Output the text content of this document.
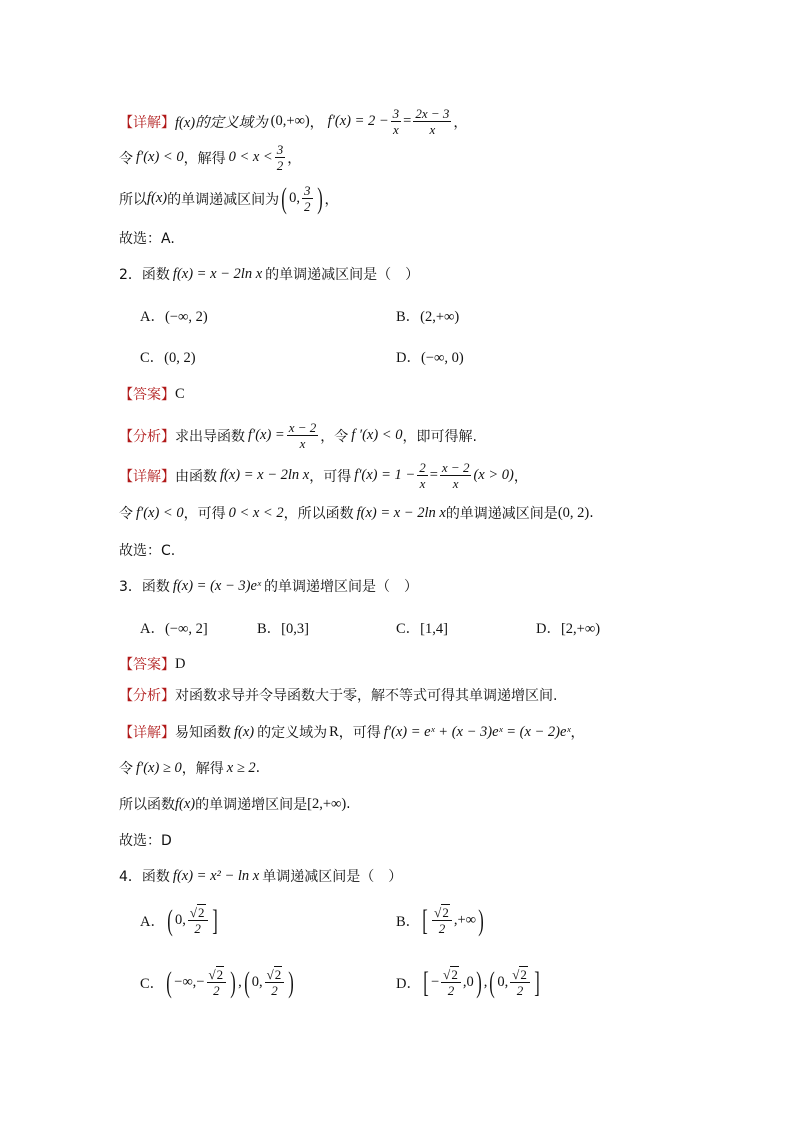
【详解】 f(x)的定义域为 (0,+∞) ， $f'(x) = 2 - \frac{3}{x} = \frac{2x - 3}{x}$ ，
令 f′(x) < 0 ，解得 $0 < x < \frac{3}{2}$ ，
所以 f(x) 的单调递减区间为 ( 0, $\frac{3}{2}$ ) ，
故选：A.
2．函数 f(x) = x − 2ln x 的单调递减区间是（　）
A．(−∞, 2)	B．(2,+∞)
C．(0, 2)	D．(−∞, 0)
【答案】 C
【分析】 求出导函数 $f'(x) = \frac{x - 2}{x}$ ，令 f ′(x) < 0 ，即可得解.
【详解】 由函数 f(x) = x − 2ln x ，可得 $f'(x) = 1 - \frac{2}{x} = \frac{x - 2}{x} (x > 0)$ ，
令 f′(x) < 0 ，可得 0 < x < 2 ，所以函数 f(x) = x − 2ln x 的单调递减区间是 (0, 2) .
故选：C.
3．函数 f(x) = (x − 3)eˣ 的单调递增区间是（　）
A．(−∞, 2]	B．[0,3]	C．[1,4]	D．[2,+∞)
【答案】 D
【分析】 对函数求导并令导函数大于零，解不等式可得其单调递增区间.
【详解】 易知函数 f(x) 的定义域为 R ，可得 f′(x) = eˣ + (x − 3)eˣ = (x − 2)eˣ ，
令 f′(x) ≥ 0 ，解得 x ≥ 2 .
所以函数 f(x) 的单调递增区间是 [2,+∞) .
故选：D
4．函数 f(x) = x² − ln x 单调递减区间是（　）
A． ( 0, $\frac{√2}{2}$ ]	B． [ $\frac{√2}{2}$ ,+∞ )
C． ( −∞,− $\frac{√2}{2}$ ) , ( 0, $\frac{√2}{2}$ )	D． [ − $\frac{√2}{2} ,0$ ) , ( 0, $\frac{√2}{2}$ ]
